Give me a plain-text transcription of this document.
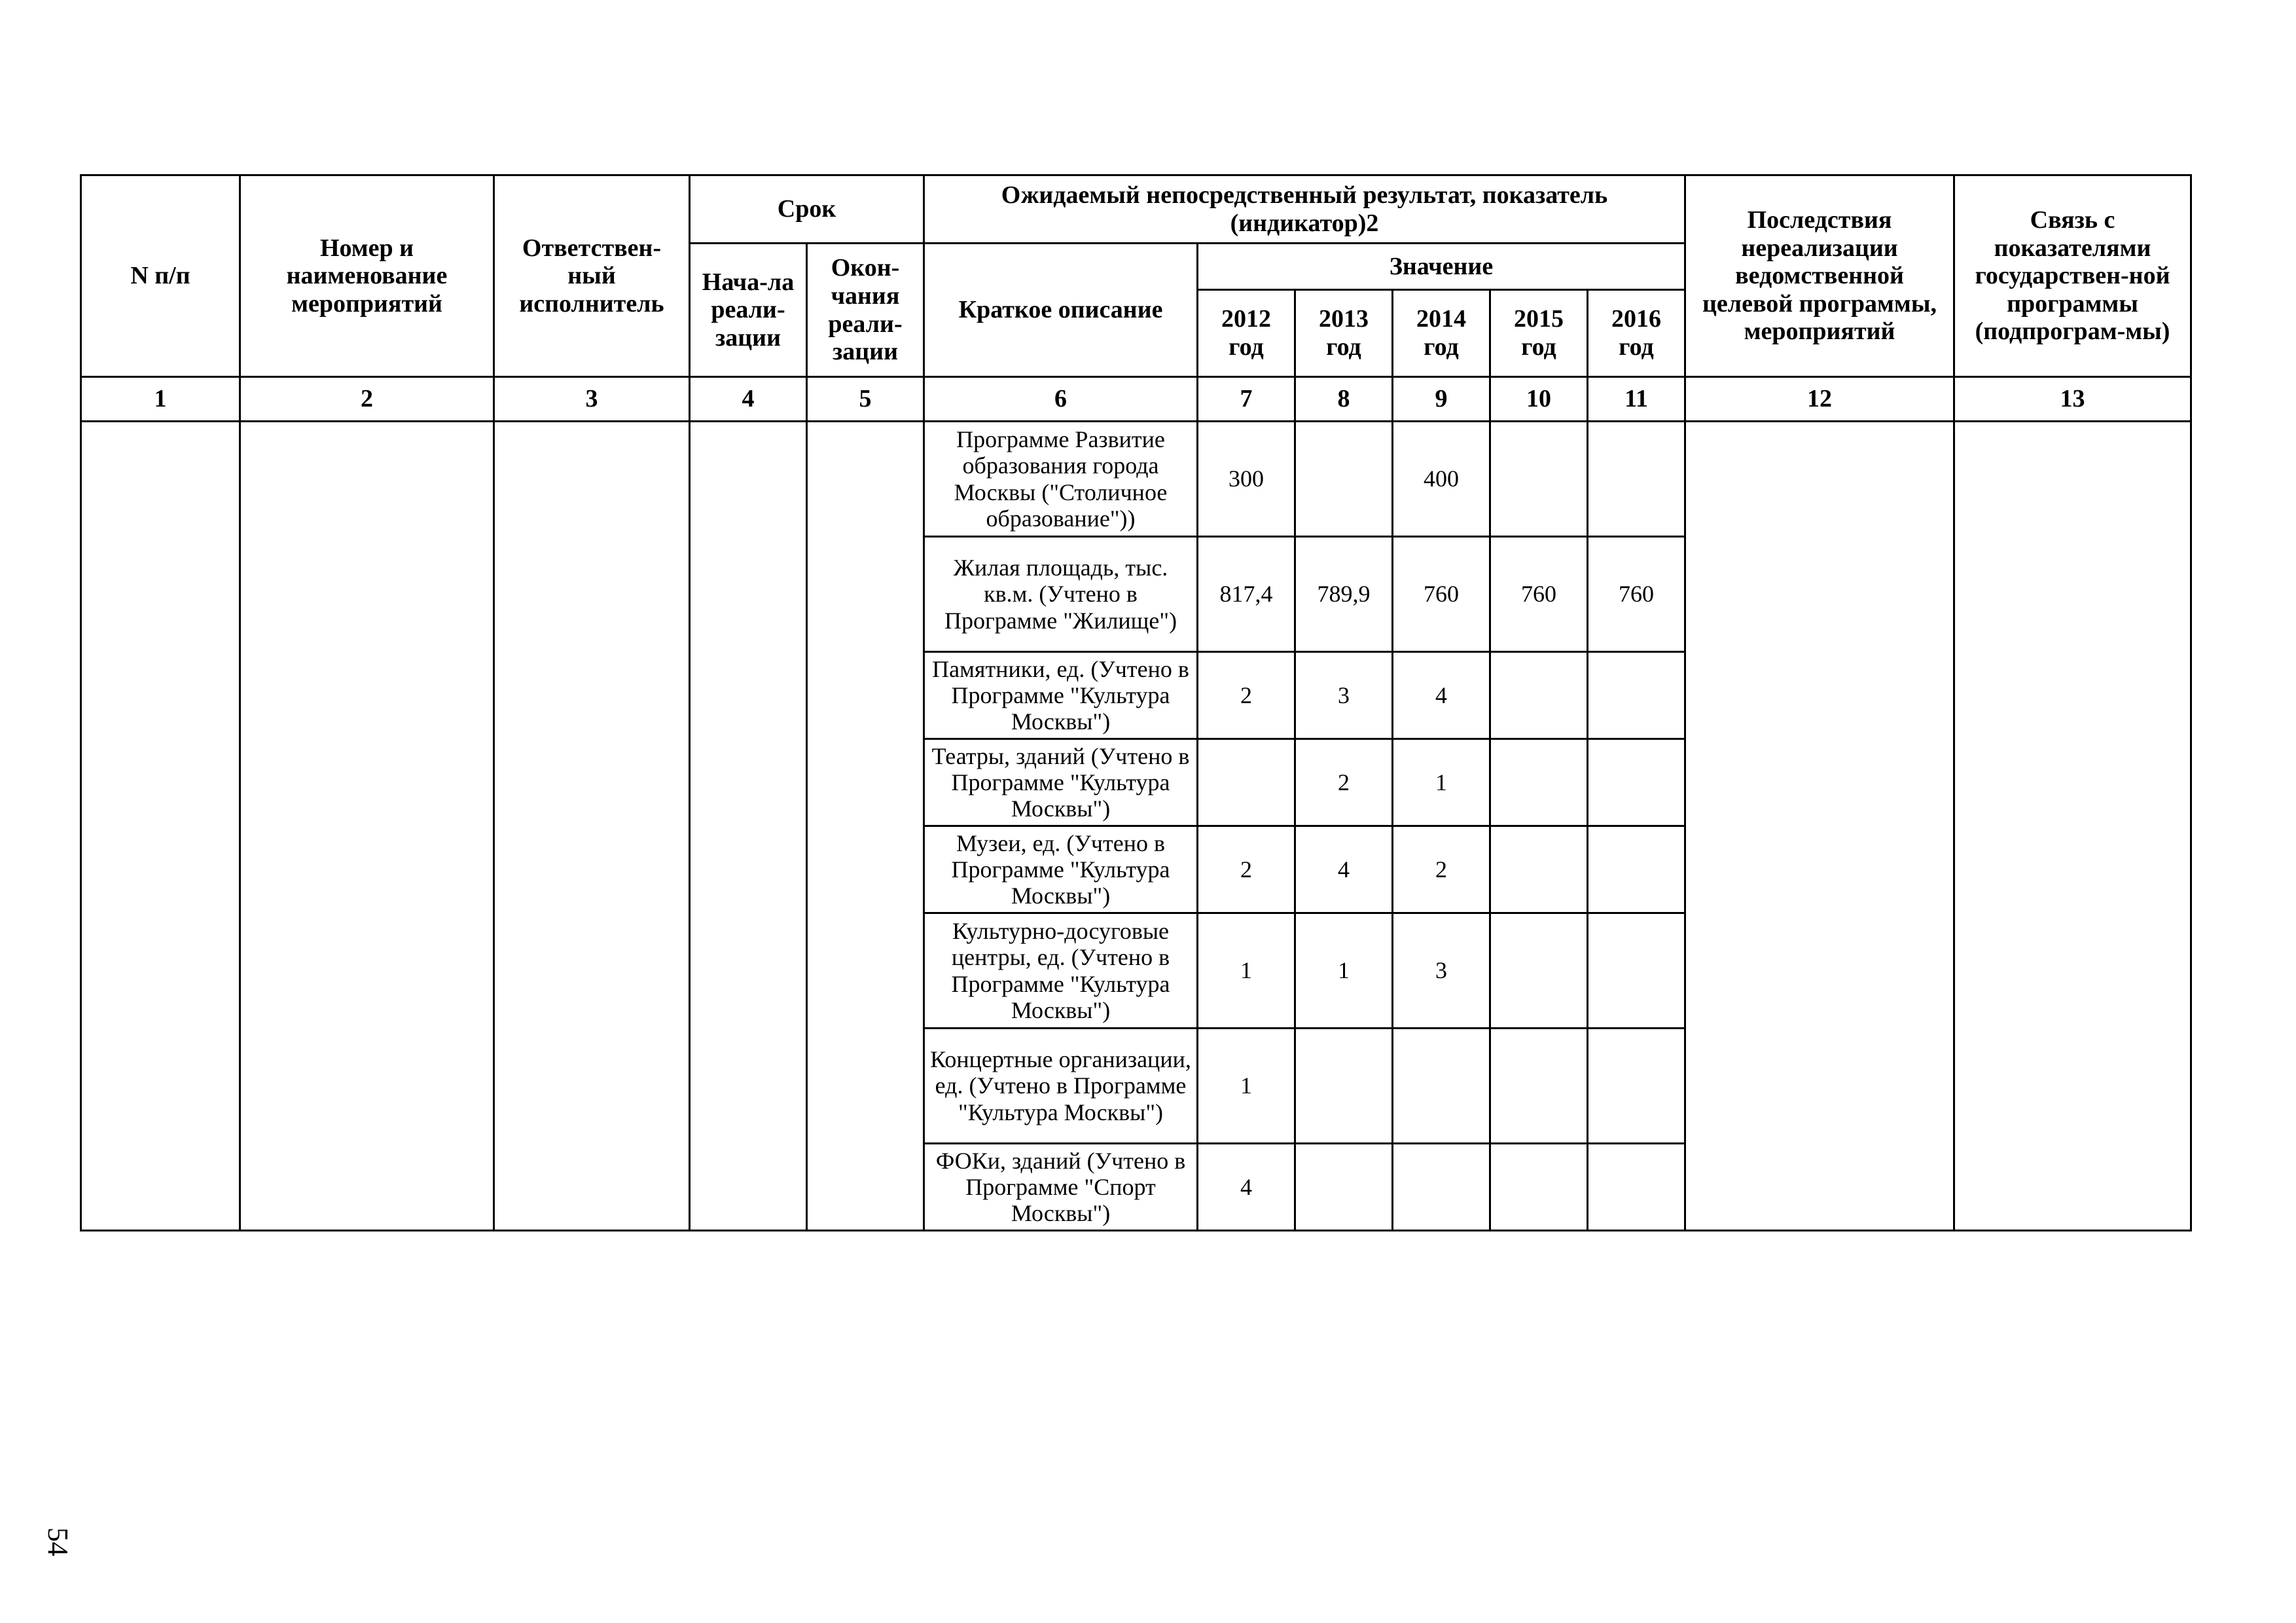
N п/п	Номер и наименование мероприятий	Ответствен-ный исполнитель	Срок		Ожидаемый непосредственный результат, показатель (индикатор)2						Последствия нереализации ведомственной целевой программы, мероприятий	Связь с показателями государствен-ной программы (подпрограм-мы)
			Нача-ла реали-зации	Окон-чания реали-зации	Краткое описание	Значение						
						2012 год	2013 год	2014 год	2015 год	2016 год		
1	2	3	4	5	6	7	8	9	10	11	12	13
					Программе Развитие образования города Москвы ("Столичное образование"))	300		400				
					Жилая площадь, тыс. кв.м. (Учтено в Программе "Жилище")	817,4	789,9	760	760	760		
					Памятники, ед. (Учтено в Программе "Культура Москвы")	2	3	4				
					Театры, зданий (Учтено в Программе "Культура Москвы")		2	1				
					Музеи, ед. (Учтено в Программе "Культура Москвы")	2	4	2				
					Культурно-досуговые центры, ед. (Учтено в Программе "Культура Москвы")	1	1	3				
					Концертные организации, ед. (Учтено в Программе "Культура Москвы")	1						
					ФОКи, зданий (Учтено в Программе "Спорт Москвы")	4						
54
